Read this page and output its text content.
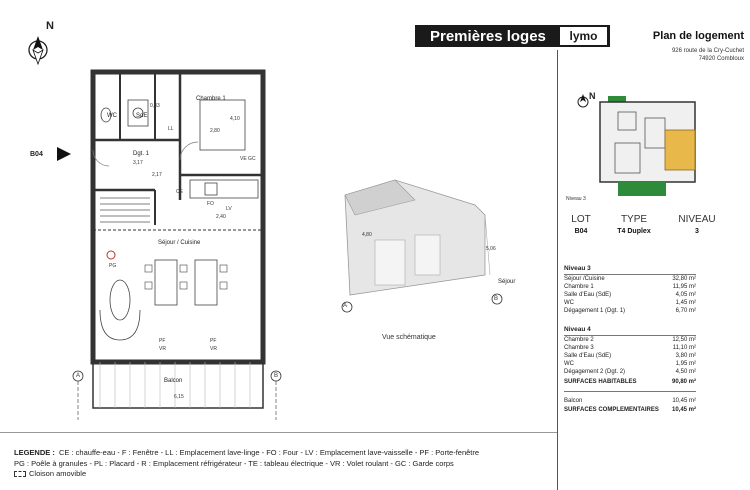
Premières loges	lymo	Plan de logement
926 route de la Cry-Cuchet
74920 Combloux
N
B04
Chambre 1
WC	SdE
Dgt. 1
Séjour / Cuisine
Balcon
2,80
4,10
3,17
2,17
2,40
6,15
0,83
LL
FO
LV
CE
PG
PF	PF
VR	VR
VE GC
A	B
A
B
4,80
5,06
Séjour
Vue schématique
N
Niveau 3
LOT
B04
TYPE
T4 Duplex
NIVEAU
3
Niveau 3
Séjour /Cuisine	32,80 m²
Chambre 1	11,95 m²
Salle d'Eau (SdE)	4,05 m²
WC	1,45 m²
Dégagement 1 (Dgt. 1)	6,70 m²
Niveau 4
Chambre 2	12,50 m²
Chambre 3	11,10 m²
Salle d'Eau (SdE)	3,80 m²
WC	1,95 m²
Dégagement 2 (Dgt. 2)	4,50 m²
SURFACES HABITABLES	90,80 m²
Balcon	10,45 m²
SURFACES COMPLEMENTAIRES 10,45 m²
LEGENDE : CE : chauffe-eau - F : Fenêtre - LL : Emplacement lave-linge - FO : Four - LV : Emplacement lave-vaisselle - PF : Porte-fenêtre
PG : Poêle à granules - PL : Placard - R : Emplacement réfrigérateur - TE : tableau électrique - VR : Volet roulant - GC : Garde corps
Cloison amovible
